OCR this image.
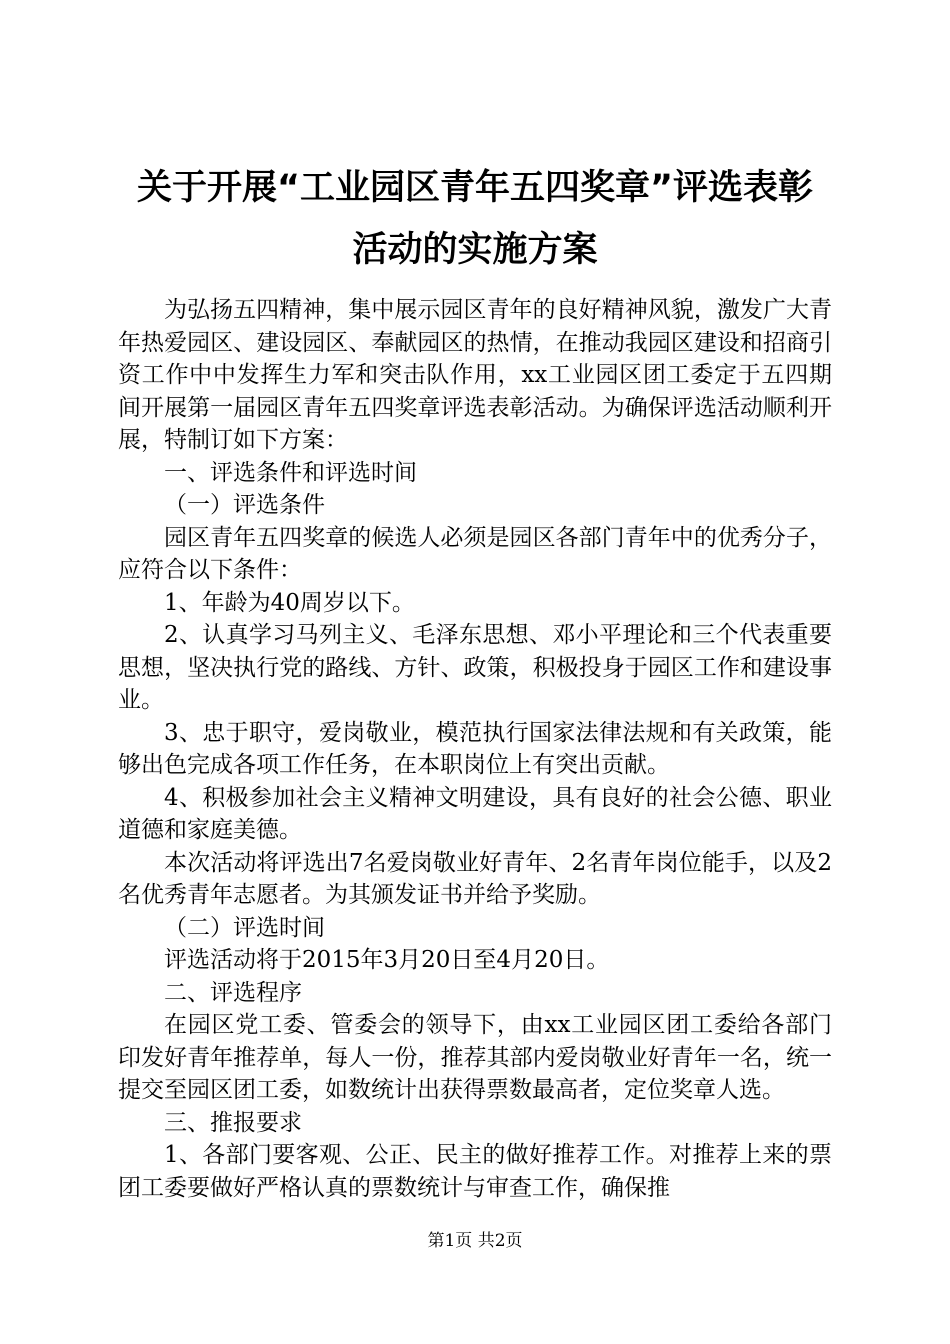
关于开展“工业园区青年五四奖章”评选表彰
活动的实施方案

为弘扬五四精神，集中展示园区青年的良好精神风貌，激发广大青年热爱园区、建设园区、奉献园区的热情，在推动我园区建设和招商引资工作中中发挥生力军和突击队作用，xx工业园区团工委定于五四期间开展第一届园区青年五四奖章评选表彰活动。为确保评选活动顺利开展，特制订如下方案：

一、评选条件和评选时间

（一）评选条件

园区青年五四奖章的候选人必须是园区各部门青年中的优秀分子，应符合以下条件：

1、年龄为40周岁以下。

2、认真学习马列主义、毛泽东思想、邓小平理论和三个代表重要思想，坚决执行党的路线、方针、政策，积极投身于园区工作和建设事业。

3、忠于职守，爱岗敬业，模范执行国家法律法规和有关政策，能够出色完成各项工作任务，在本职岗位上有突出贡献。

4、积极参加社会主义精神文明建设，具有良好的社会公德、职业道德和家庭美德。

本次活动将评选出7名爱岗敬业好青年、2名青年岗位能手，以及2名优秀青年志愿者。为其颁发证书并给予奖励。

（二）评选时间

评选活动将于2015年3月20日至4月20日。

二、评选程序

在园区党工委、管委会的领导下，由xx工业园区团工委给各部门印发好青年推荐单，每人一份，推荐其部内爱岗敬业好青年一名，统一提交至园区团工委，如数统计出获得票数最高者，定位奖章人选。

三、推报要求

1、各部门要客观、公正、民主的做好推荐工作。对推荐上来的票团工委要做好严格认真的票数统计与审查工作，确保推

第1页 共2页
